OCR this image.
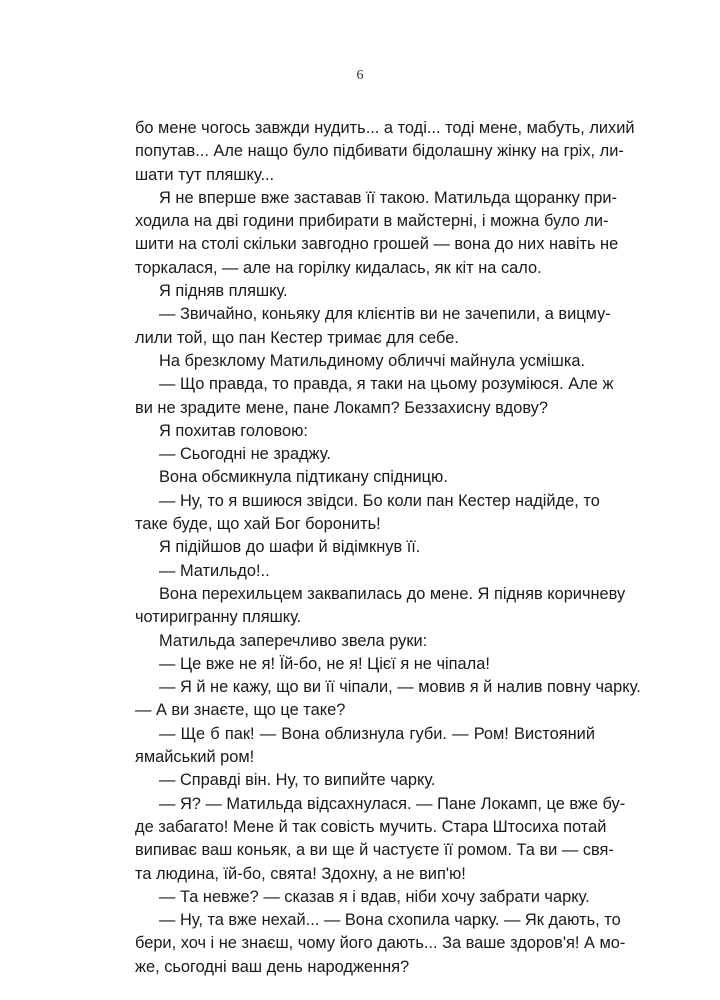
6

бо мене чогось завжди нудить... а тоді... тоді мене, мабуть, лихий

попутав... Але нащо було підбивати бідолашну жінку на гріх, ли-

шати тут пляшку...

Я не вперше вже заставав її такою. Матильда щоранку при-

ходила на дві години прибирати в майстерні, і можна було ли-

шити на столі скільки завгодно грошей — вона до них навіть не

торкалася, — але на горілку кидалась, як кіт на сало.

Я підняв пляшку.

— Звичайно, коньяку для клієнтів ви не зачепили, а вицму-

лили той, що пан Кестер тримає для себе.

На брезклому Матильдиному обличчі майнула усмішка.

— Що правда, то правда, я таки на цьому розуміюся. Але ж

ви не зрадите мене, пане Локамп? Беззахисну вдову?

Я похитав головою:

— Сьогодні не зраджу.

Вона обсмикнула підтикану спідницю.

— Ну, то я вшиюся звідси. Бо коли пан Кестер надійде, то

таке буде, що хай Бог боронить!

Я підійшов до шафи й відімкнув її.

— Матильдо!..

Вона перехильцем заквапилась до мене. Я підняв коричневу

чотиригранну пляшку.

Матильда заперечливо звела руки:

— Це вже не я! Їй-бо, не я! Цієї я не чіпала!

— Я й не кажу, що ви її чіпали, — мовив я й налив повну чарку.

— А ви знаєте, що це таке?

— Ще б пак! — Вона облизнула губи. — Ром! Вистояний

ямайський ром!

— Справді він. Ну, то випийте чарку.

— Я? — Матильда відсахнулася. — Пане Локамп, це вже бу-

де забагато! Мене й так совість мучить. Стара Штосиха потай

випиває ваш коньяк, а ви ще й частуєте її ромом. Та ви — свя-

та людина, їй-бо, свята! Здохну, а не вип'ю!

— Та невже? — сказав я і вдав, ніби хочу забрати чарку.

— Ну, та вже нехай... — Вона схопила чарку. — Як дають, то

бери, хоч і не знаєш, чому його дають... За ваше здоров'я! А мо-

же, сьогодні ваш день народження?
